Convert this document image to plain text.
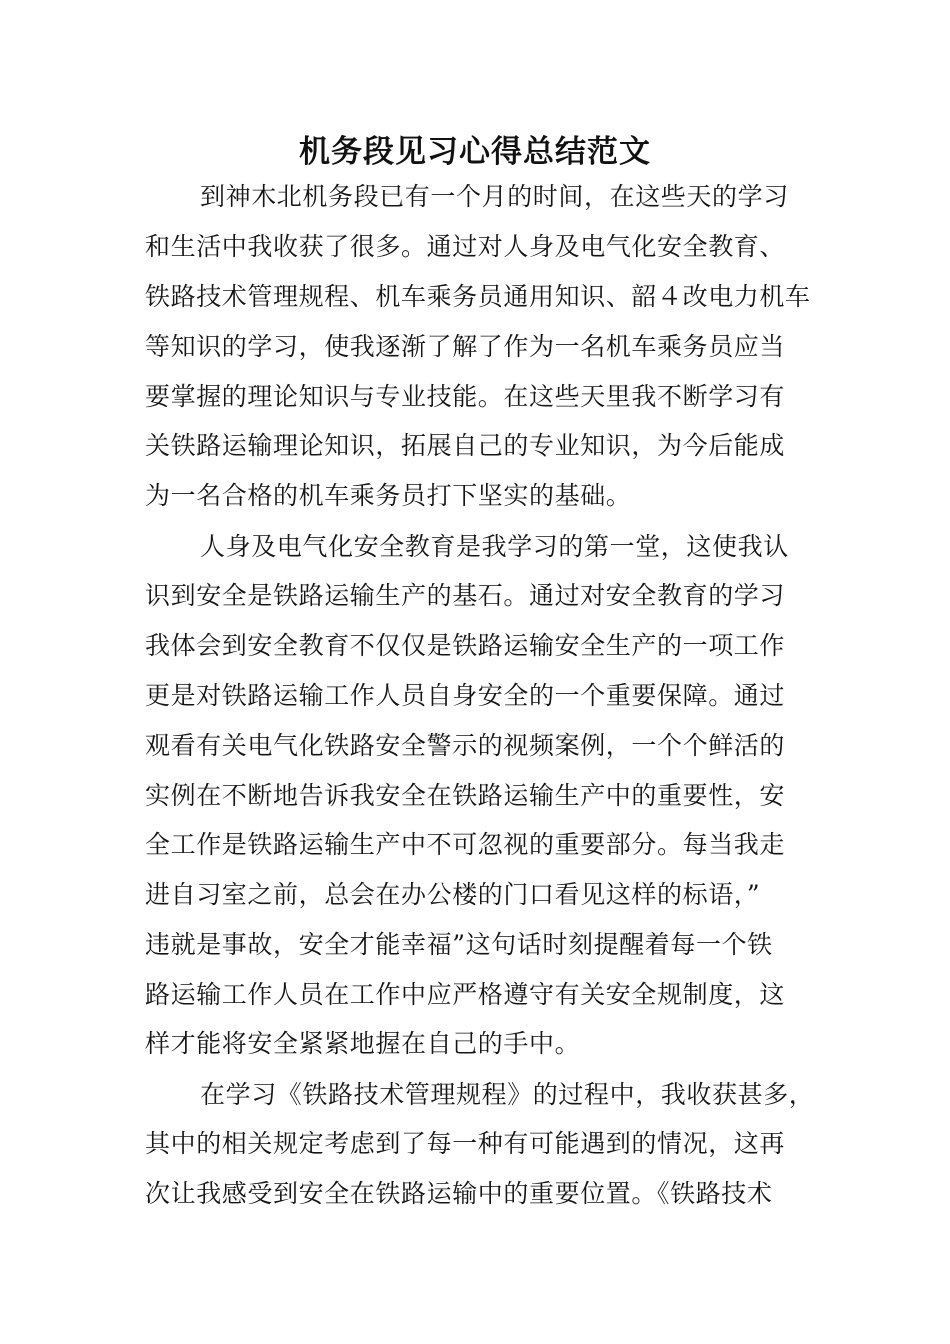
机务段见习心得总结范文
到神木北机务段已有一个月的时间，在这些天的学习
和生活中我收获了很多。通过对人身及电气化安全教育、
铁路技术管理规程、机车乘务员通用知识、韶４改电力机车
等知识的学习，使我逐渐了解了作为一名机车乘务员应当
要掌握的理论知识与专业技能。在这些天里我不断学习有
关铁路运输理论知识，拓展自己的专业知识，为今后能成
为一名合格的机车乘务员打下坚实的基础。
人身及电气化安全教育是我学习的第一堂，这使我认
识到安全是铁路运输生产的基石。通过对安全教育的学习
我体会到安全教育不仅仅是铁路运输安全生产的一项工作
更是对铁路运输工作人员自身安全的一个重要保障。通过
观看有关电气化铁路安全警示的视频案例，一个个鲜活的
实例在不断地告诉我安全在铁路运输生产中的重要性，安
全工作是铁路运输生产中不可忽视的重要部分。每当我走
进自习室之前，总会在办公楼的门口看见这样的标语，”
违就是事故，安全才能幸福”这句话时刻提醒着每一个铁
路运输工作人员在工作中应严格遵守有关安全规制度，这
样才能将安全紧紧地握在自己的手中。
在学习《铁路技术管理规程》的过程中，我收获甚多，
其中的相关规定考虑到了每一种有可能遇到的情况，这再
次让我感受到安全在铁路运输中的重要位置。《铁路技术
